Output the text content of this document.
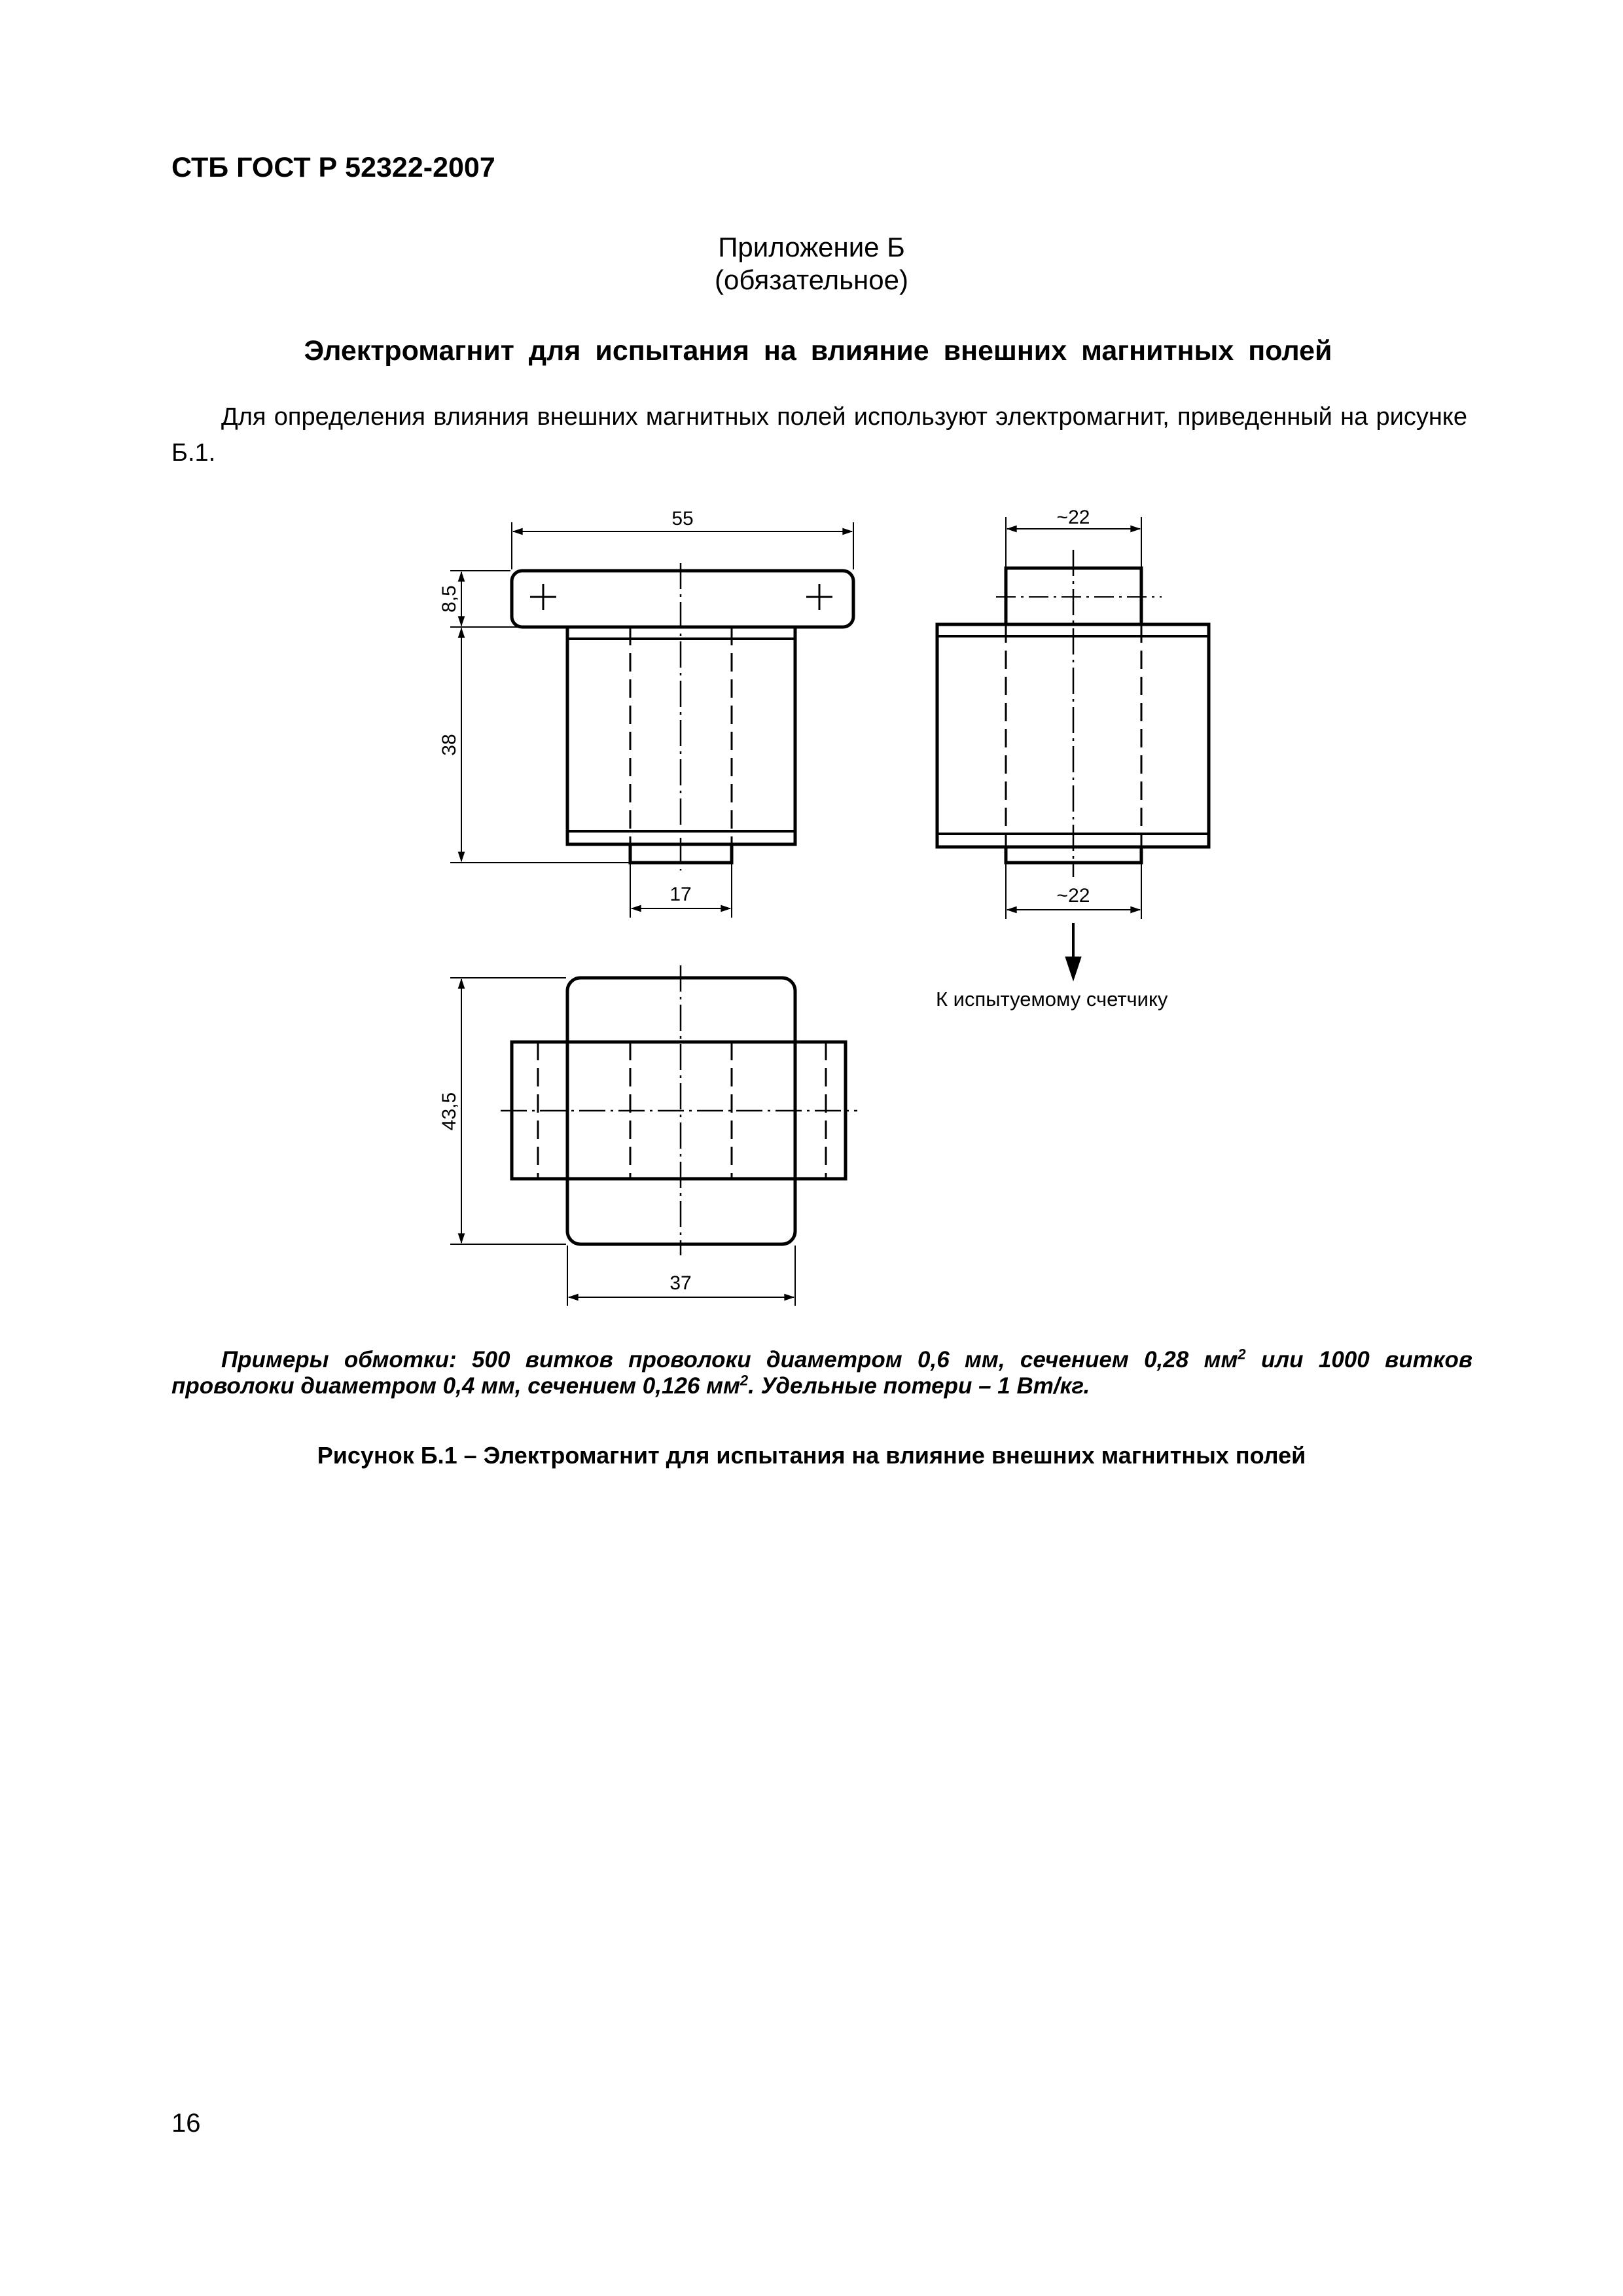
СТБ ГОСТ Р 52322-2007
Приложение Б
(обязательное)
Электромагнит для испытания на влияние внешних магнитных полей
Для определения влияния внешних магнитных полей используют электромагнит, приведенный на рисунке Б.1.
55
8,5
38
17
~22
~22
К испытуемому счетчику
43,5
37
Примеры обмотки: 500 витков проволоки диаметром 0,6 мм, сечением 0,28 $мм^2$ или 1000 витков проволоки диаметром 0,4 мм, сечением 0,126 $мм^2$. Удельные потери – 1 Вт/кг.
Рисунок Б.1 – Электромагнит для испытания на влияние внешних магнитных полей
16
